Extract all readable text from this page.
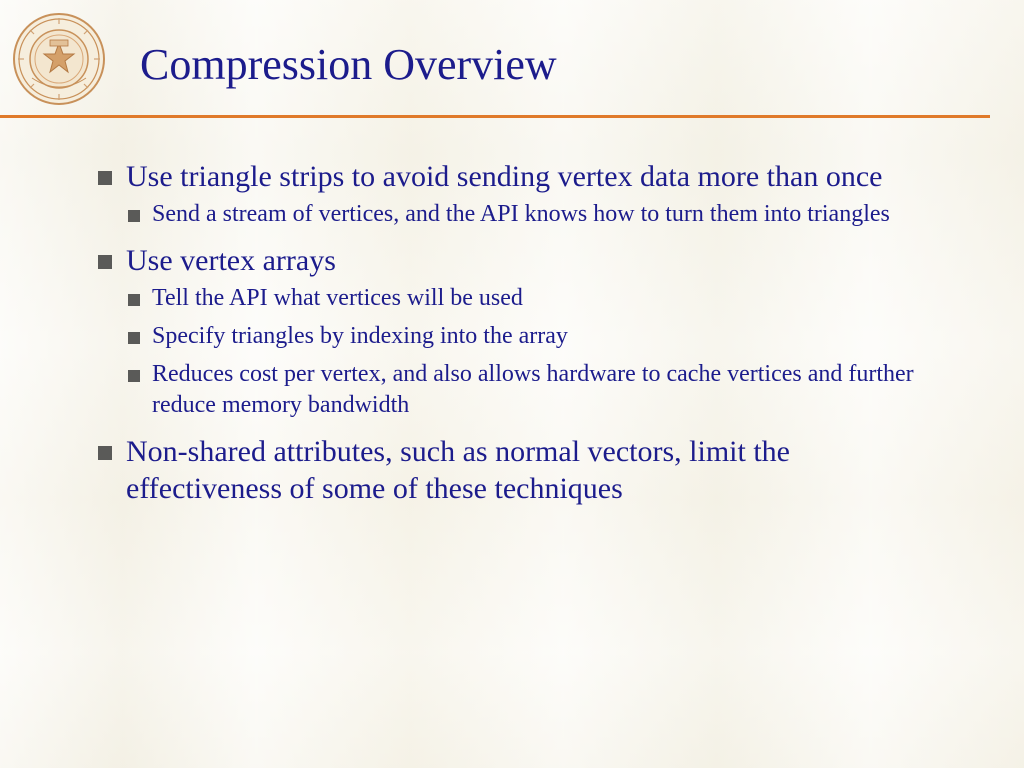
Compression Overview
Use triangle strips to avoid sending vertex data more than once
Send a stream of vertices, and the API knows how to turn them into triangles
Use vertex arrays
Tell the API what vertices will be used
Specify triangles by indexing into the array
Reduces cost per vertex, and also allows hardware to cache vertices and further reduce memory bandwidth
Non-shared attributes, such as normal vectors, limit the effectiveness of some of these techniques
